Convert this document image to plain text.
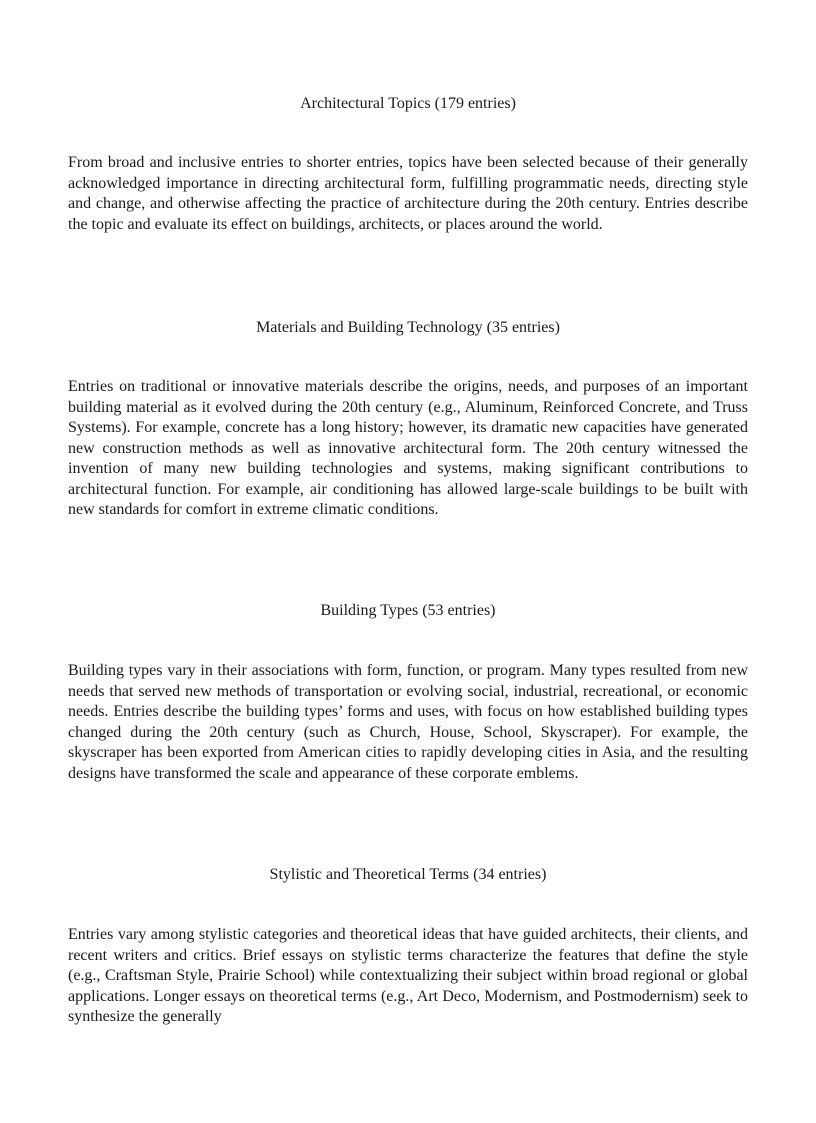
Architectural Topics (179 entries)

From broad and inclusive entries to shorter entries, topics have been selected because of their generally acknowledged importance in directing architectural form, fulfilling programmatic needs, directing style and change, and otherwise affecting the practice of architecture during the 20th century. Entries describe the topic and evaluate its effect on buildings, architects, or places around the world.

Materials and Building Technology (35 entries)

Entries on traditional or innovative materials describe the origins, needs, and purposes of an important building material as it evolved during the 20th century (e.g., Aluminum, Reinforced Concrete, and Truss Systems). For example, concrete has a long history; however, its dramatic new capacities have generated new construction methods as well as innovative architectural form. The 20th century witnessed the invention of many new building technologies and systems, making significant contributions to architectural function. For example, air conditioning has allowed large-scale buildings to be built with new standards for comfort in extreme climatic conditions.

Building Types (53 entries)

Building types vary in their associations with form, function, or program. Many types resulted from new needs that served new methods of transportation or evolving social, industrial, recreational, or economic needs. Entries describe the building types’ forms and uses, with focus on how established building types changed during the 20th century (such as Church, House, School, Skyscraper). For example, the skyscraper has been exported from American cities to rapidly developing cities in Asia, and the resulting designs have transformed the scale and appearance of these corporate emblems.

Stylistic and Theoretical Terms (34 entries)

Entries vary among stylistic categories and theoretical ideas that have guided architects, their clients, and recent writers and critics. Brief essays on stylistic terms characterize the features that define the style (e.g., Craftsman Style, Prairie School) while contextualizing their subject within broad regional or global applications. Longer essays on theoretical terms (e.g., Art Deco, Modernism, and Postmodernism) seek to synthesize the generally
